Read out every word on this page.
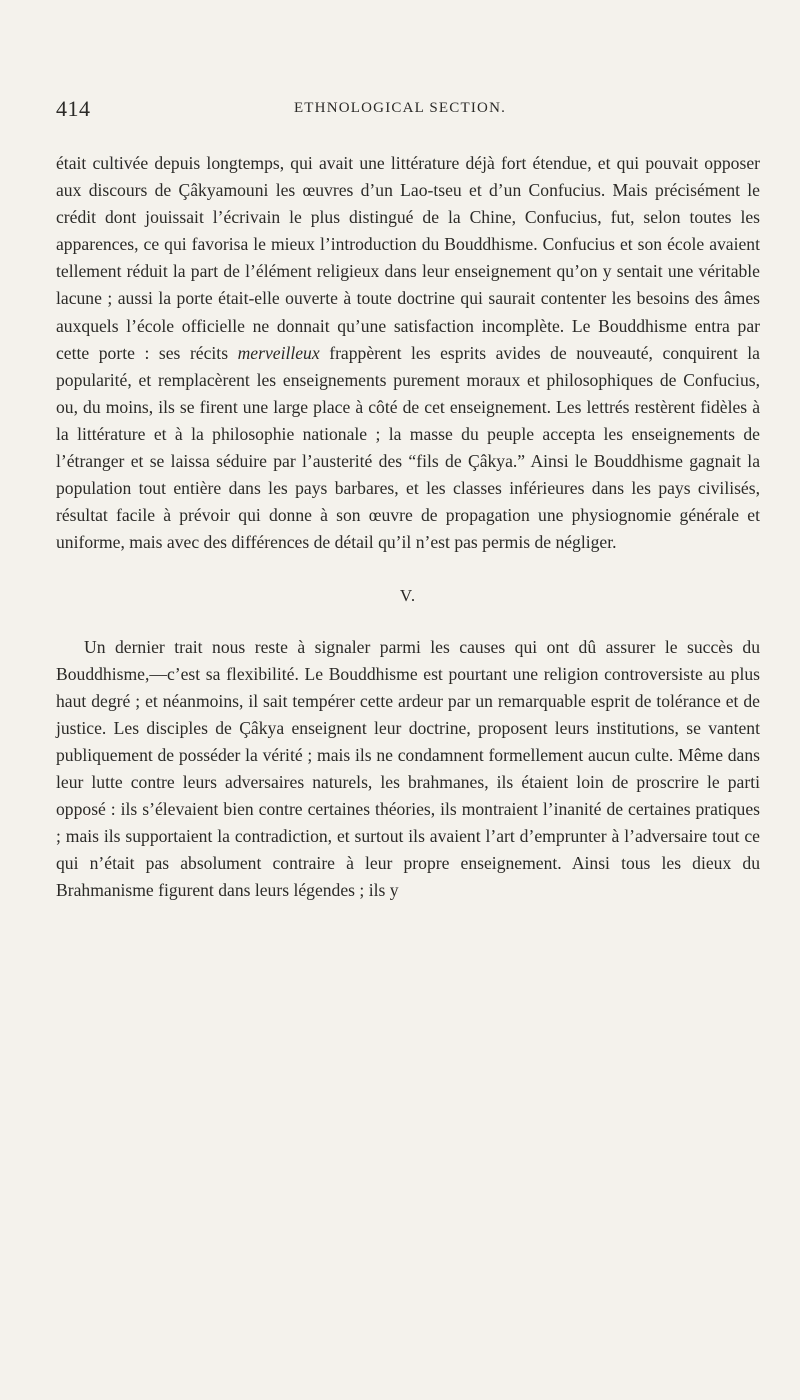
414	ETHNOLOGICAL SECTION.

était cultivée depuis longtemps, qui avait une littérature déjà fort étendue, et qui pouvait opposer aux discours de Çâkyamouni les œuvres d’un Lao-tseu et d’un Confucius. Mais précisément le crédit dont jouissait l’écrivain le plus distingué de la Chine, Confucius, fut, selon toutes les apparences, ce qui favorisa le mieux l’introduction du Bouddhisme. Confucius et son école avaient tellement réduit la part de l’élément religieux dans leur enseignement qu’on y sentait une véritable lacune ; aussi la porte était-elle ouverte à toute doctrine qui saurait contenter les besoins des âmes auxquels l’école officielle ne donnait qu’une satisfaction incomplète. Le Bouddhisme entra par cette porte : ses récits merveilleux frappèrent les esprits avides de nouveauté, conquirent la popularité, et remplacèrent les enseignements purement moraux et philosophiques de Confucius, ou, du moins, ils se firent une large place à côté de cet enseignement. Les lettrés restèrent fidèles à la littérature et à la philosophie nationale ; la masse du peuple accepta les enseignements de l’étranger et se laissa séduire par l’austerité des “fils de Çâkya.” Ainsi le Bouddhisme gagnait la population tout entière dans les pays barbares, et les classes inférieures dans les pays civilisés, résultat facile à prévoir qui donne à son œuvre de propagation une physiognomie générale et uniforme, mais avec des différences de détail qu’il n’est pas permis de négliger.

V.

Un dernier trait nous reste à signaler parmi les causes qui ont dû assurer le succès du Bouddhisme,—c’est sa flexibilité. Le Bouddhisme est pourtant une religion controversiste au plus haut degré ; et néanmoins, il sait tempérer cette ardeur par un remarquable esprit de tolérance et de justice. Les disciples de Çâkya enseignent leur doctrine, proposent leurs institutions, se vantent publiquement de posséder la vérité ; mais ils ne condamnent formellement aucun culte. Même dans leur lutte contre leurs adversaires naturels, les brahmanes, ils étaient loin de proscrire le parti opposé : ils s’élevaient bien contre certaines théories, ils montraient l’inanité de certaines pratiques ; mais ils supportaient la contradiction, et surtout ils avaient l’art d’emprunter à l’adversaire tout ce qui n’était pas absolument contraire à leur propre enseignement. Ainsi tous les dieux du Brahmanisme figurent dans leurs légendes ; ils y
